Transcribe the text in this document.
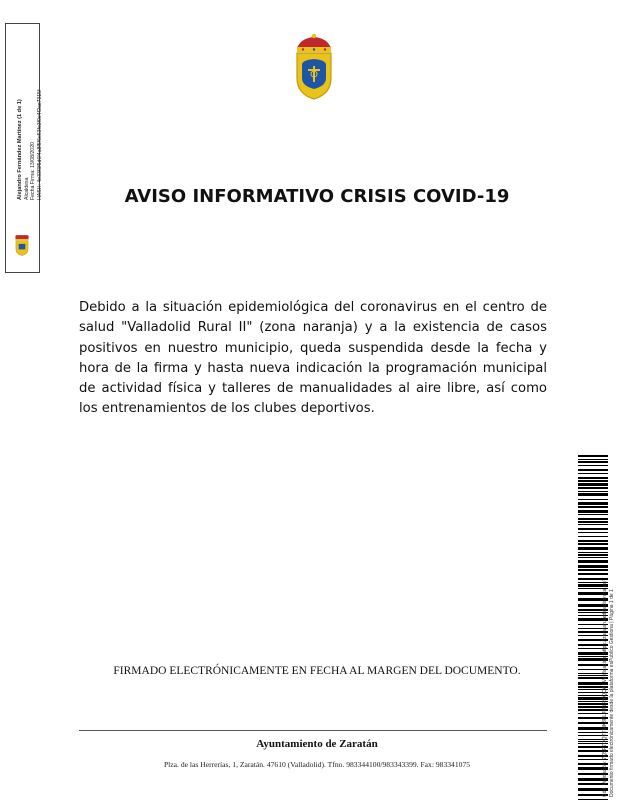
Alejandro Fernández Martínez (1 de 1) Alcaldesa Fecha Firma: 13/08/2020 HASH: 4e33f3f5d6f4a8f5f6e53fc3f0e4f2ac7315f	AVISO INFORMATIVO CRISIS COVID-19
Debido a la situación epidemiológica del coronavirus en el centro de salud "Valladolid Rural II" (zona naranja) y a la existencia de casos positivos en nuestro municipio, queda suspendida desde la fecha y hora de la firma y hasta nueva indicación la programación municipal de actividad física y talleres de manualidades al aire libre, así como los entrenamientos de los clubes deportivos.
FIRMADO ELECTRÓNICAMENTE EN FECHA AL MARGEN DEL DOCUMENTO.
Ayuntamiento de Zaratán
Plza. de las Herrerías, 1, Zaratán. 47610 (Valladolid). Tfno. 983344100/983343399. Fax: 983341075	Cód. Validación: 7Q9P7DQTTMK3PL4WLRYQCA | Verificación: https://zaratan.sedelectronica.es/ Documento firmado electrónicamente desde la plataforma esPublico Gestiona | Página 1 de 1
